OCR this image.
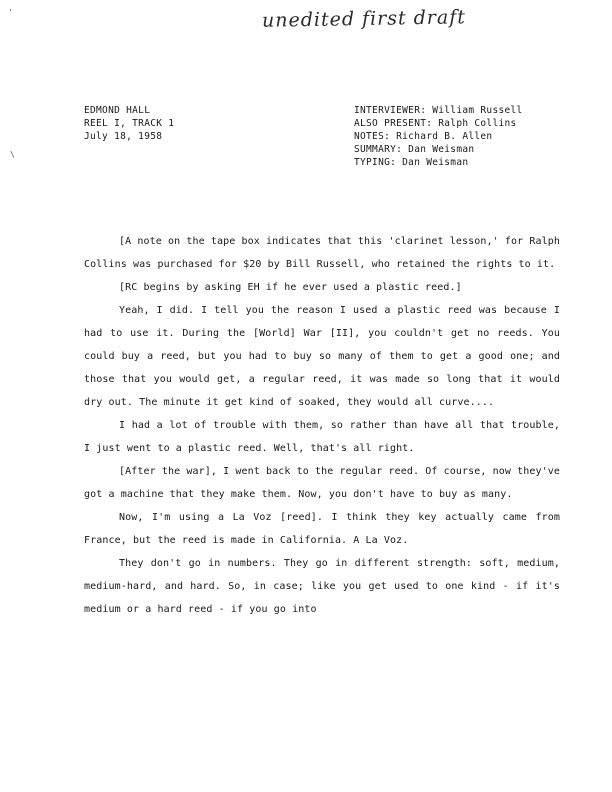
unedited first draft
'
\
EDMOND HALL
REEL I, TRACK 1
July 18, 1958
INTERVIEWER: William Russell
ALSO PRESENT: Ralph Collins
NOTES: Richard B. Allen
SUMMARY: Dan Weisman
TYPING: Dan Weisman

[A note on the tape box indicates that this 'clarinet lesson,' for Ralph Collins was purchased for $20 by Bill Russell, who retained the rights to it.

[RC begins by asking EH if he ever used a plastic reed.]

Yeah, I did. I tell you the reason I used a plastic reed was because I had to use it. During the [World] War [II], you couldn't get no reeds. You could buy a reed, but you had to buy so many of them to get a good one; and those that you would get, a regular reed, it was made so long that it would dry out. The minute it get kind of soaked, they would all curve....

I had a lot of trouble with them, so rather than have all that trouble, I just went to a plastic reed. Well, that's all right.

[After the war], I went back to the regular reed. Of course, now they've got a machine that they make them. Now, you don't have to buy as many.

Now, I'm using a La Voz [reed]. I think they key actually came from France, but the reed is made in California. A La Voz.

They don't go in numbers. They go in different strength: soft, medium, medium-hard, and hard. So, in case; like you get used to one kind - if it's medium or a hard reed - if you go into
